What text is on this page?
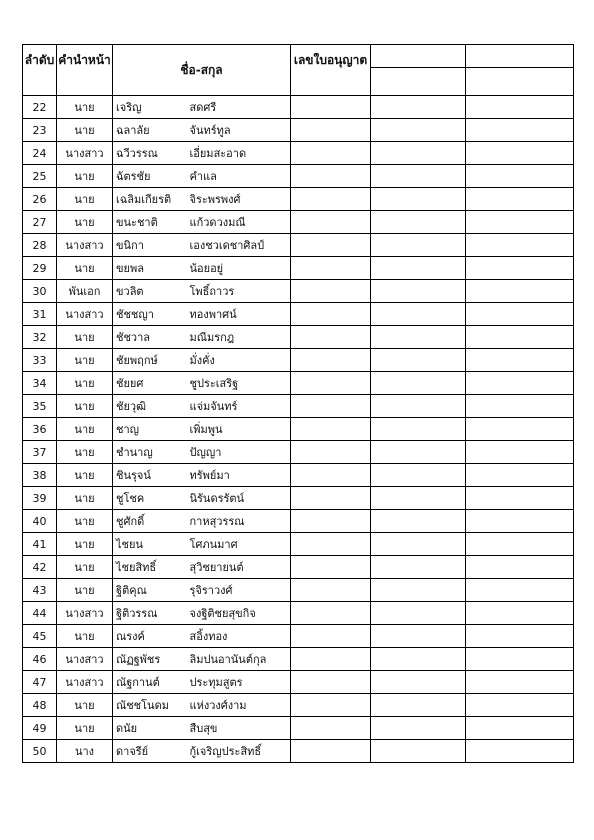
ลำดับ	คำนำหน้า	ชื่อ-สกุล		เลขใบอนุญาต	

22	นาย	เจริญ	สดศรี			
23	นาย	ฉลาลัย	จันทร์ทูล			
24	นางสาว	ฉวีวรรณ	เอี่ยมสะอาด			
25	นาย	ฉัตรชัย	คำแล			
26	นาย	เฉลิมเกียรติ	จิระพรพงศ์			
27	นาย	ขนะชาติ	แก้วดวงมณี			
28	นางสาว	ขนิกา	เองชวเดชาศิลป์			
29	นาย	ขยพล	น้อยอยู่			
30	พันเอก	ขวลิต	โพธิ์ถาวร			
31	นางสาว	ชัชชญา	ทองพาศน์			
32	นาย	ชัชวาล	มณีมรกฎ			
33	นาย	ชัยพฤกษ์	มั่งคั่ง			
34	นาย	ชัยยศ	ชูประเสริฐ			
35	นาย	ชัยวุฒิ	แจ่มจันทร์			
36	นาย	ชาญ	เพิ่มพูน			
37	นาย	ชำนาญ	ปัญญา			
38	นาย	ชินรุจน์	ทรัพย์มา			
39	นาย	ชูโชค	นิรันดรรัตน์			
40	นาย	ชูศักดิ์	กาหสุวรรณ			
41	นาย	ไชยน	โศภนมาศ			
42	นาย	ไชยสิทธิ์	สุวิชยายนต์			
43	นาย	ฐิติคุณ	รุจิราวงศ์			
44	นางสาว	ฐิติวรรณ	จงฐิติชยสุขกิจ			
45	นาย	ณรงค์	สอิ้งทอง			
46	นางสาว	ณัฏฐพัชร	ลิมปนอานันต์กุล			
47	นางสาว	ณัฐกานต์	ประทุมสูตร			
48	นาย	ณัชชโนดม	แห่งวงศ์งาม			
49	นาย	ดนัย	สืบสุข			
50	นาง	ดาจรีย์	กู้เจริญประสิทธิ์			
